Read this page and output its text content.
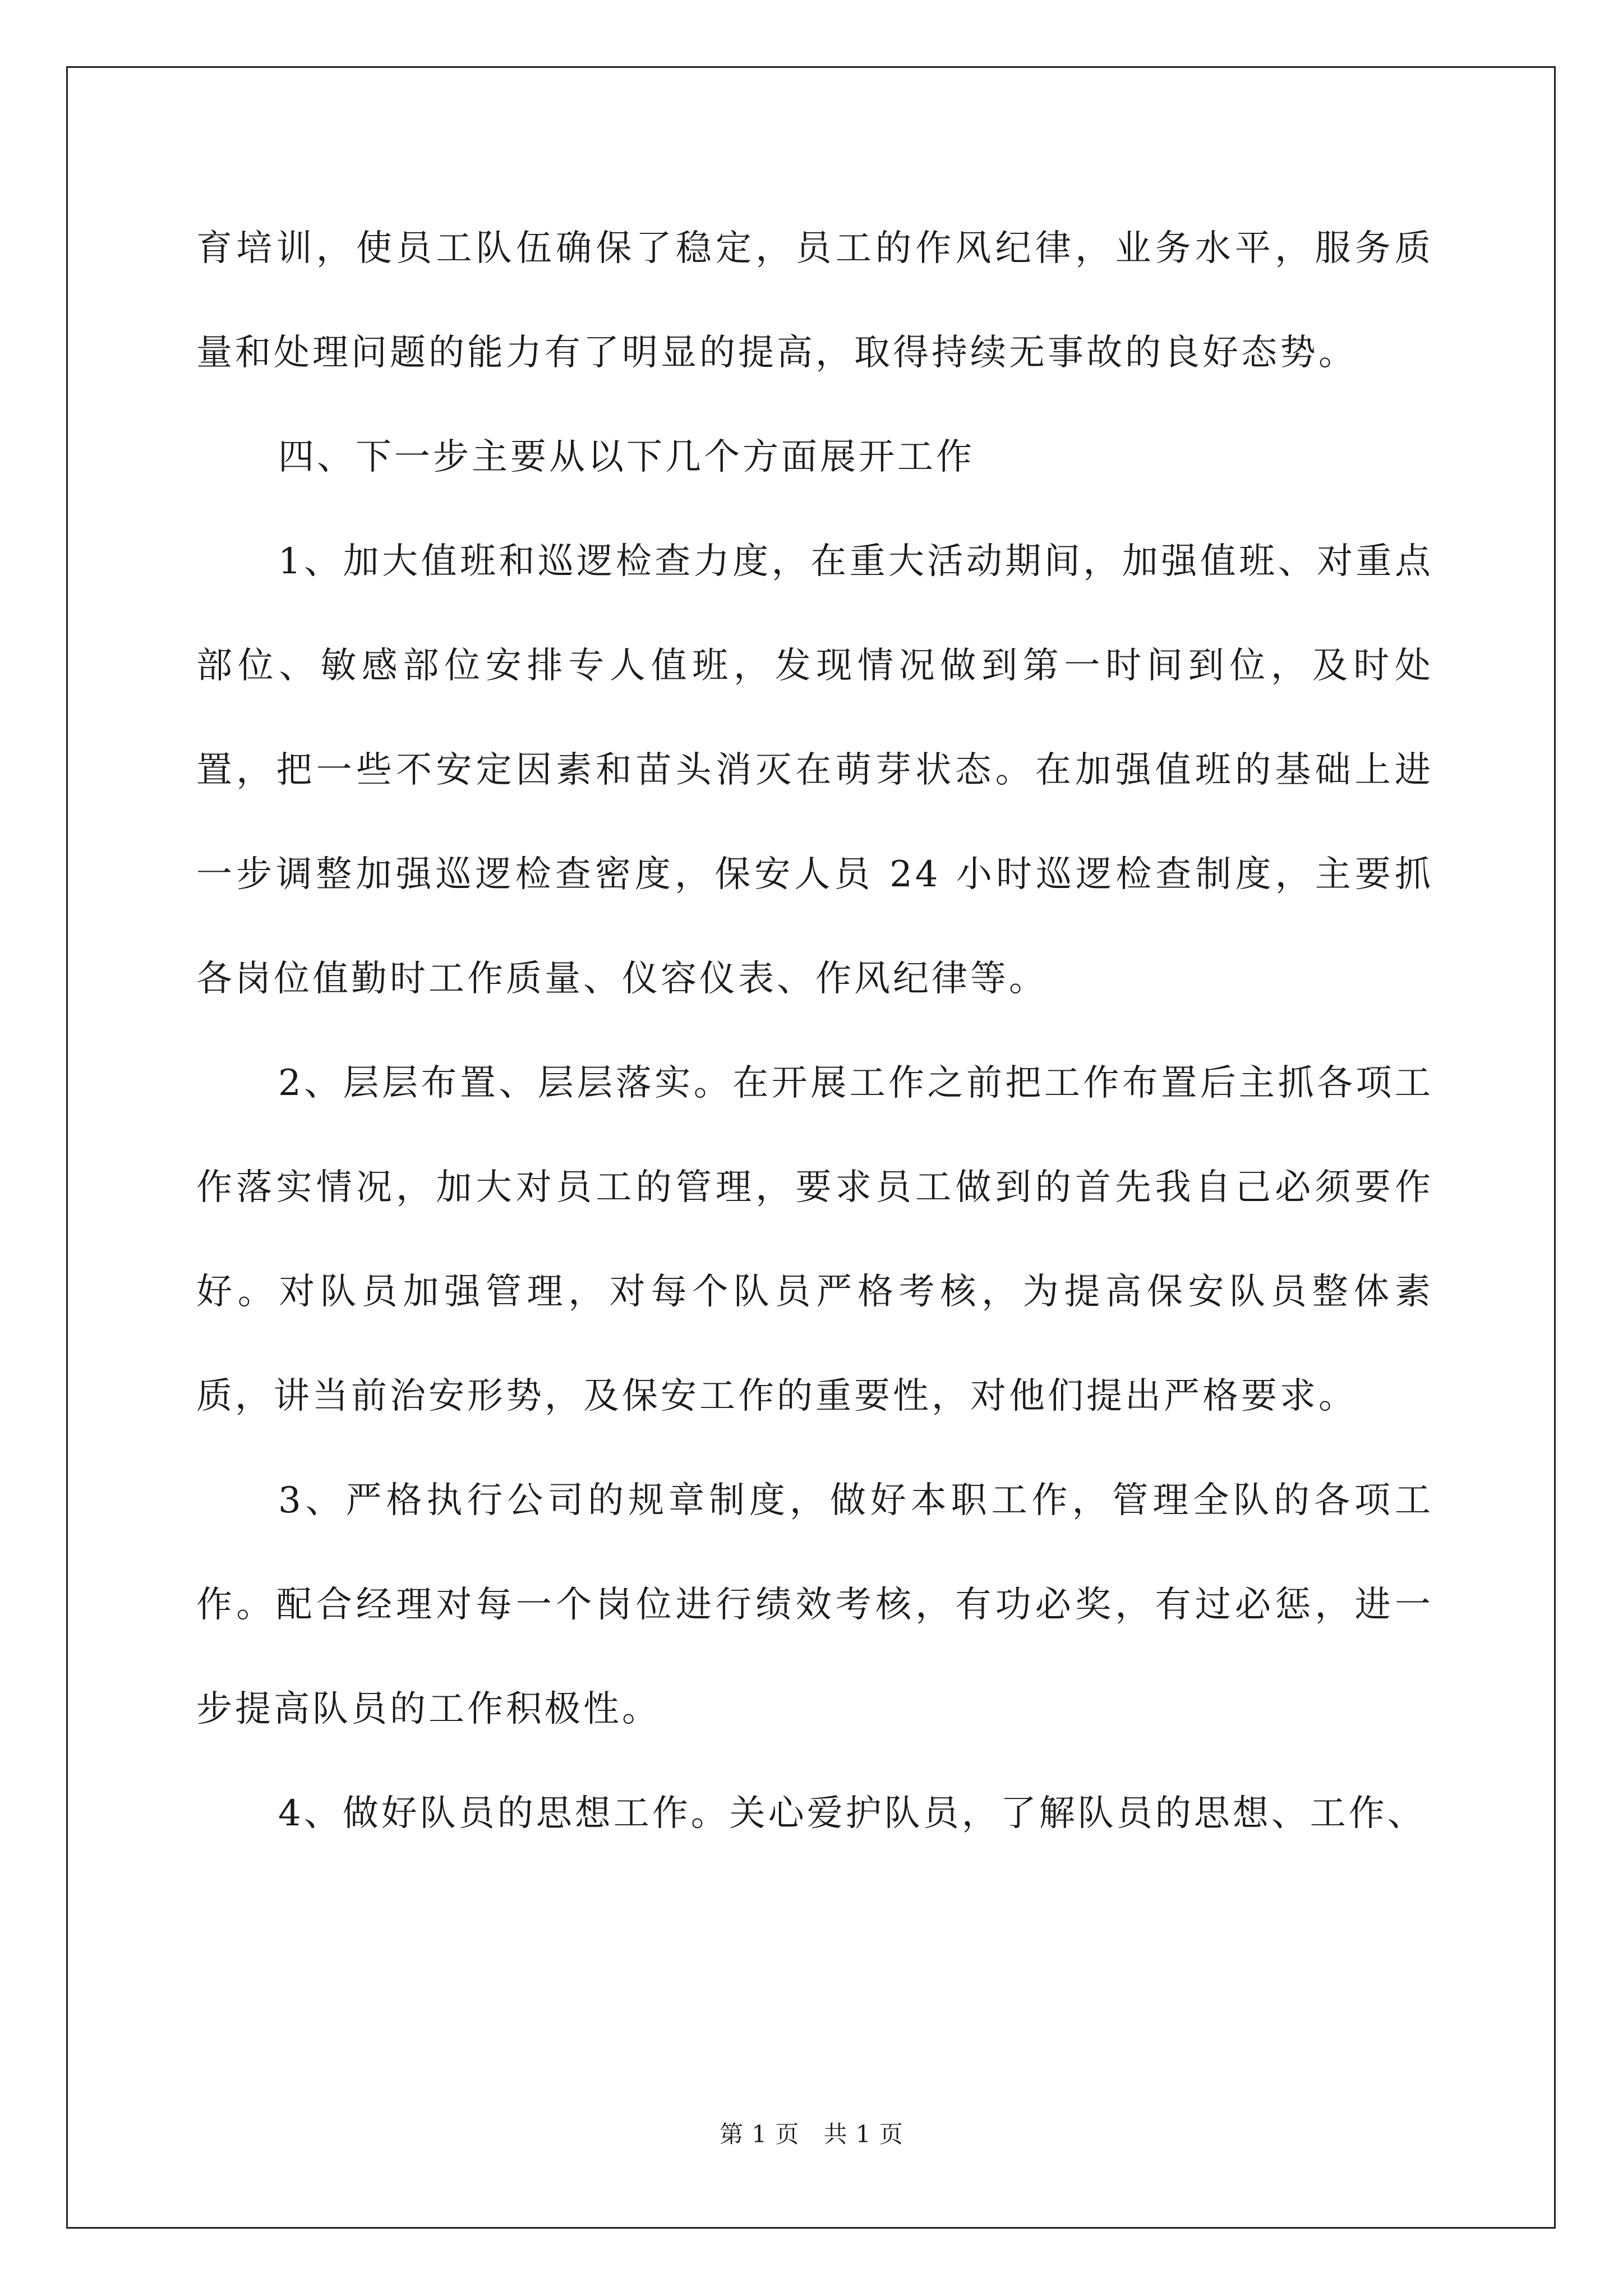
育培训，使员工队伍确保了稳定，员工的作风纪律，业务水平，服务质量和处理问题的能力有了明显的提高，取得持续无事故的良好态势。

四、下一步主要从以下几个方面展开工作

1、加大值班和巡逻检查力度，在重大活动期间，加强值班、对重点部位、敏感部位安排专人值班，发现情况做到第一时间到位，及时处置，把一些不安定因素和苗头消灭在萌芽状态。在加强值班的基础上进一步调整加强巡逻检查密度，保安人员 24 小时巡逻检查制度，主要抓各岗位值勤时工作质量、仪容仪表、作风纪律等。

2、层层布置、层层落实。在开展工作之前把工作布置后主抓各项工作落实情况，加大对员工的管理，要求员工做到的首先我自己必须要作好。对队员加强管理，对每个队员严格考核，为提高保安队员整体素质，讲当前治安形势，及保安工作的重要性，对他们提出严格要求。

3、严格执行公司的规章制度，做好本职工作，管理全队的各项工作。配合经理对每一个岗位进行绩效考核，有功必奖，有过必惩，进一步提高队员的工作积极性。

4、做好队员的思想工作。关心爱护队员，了解队员的思想、工作、

第 1 页　共 1 页
